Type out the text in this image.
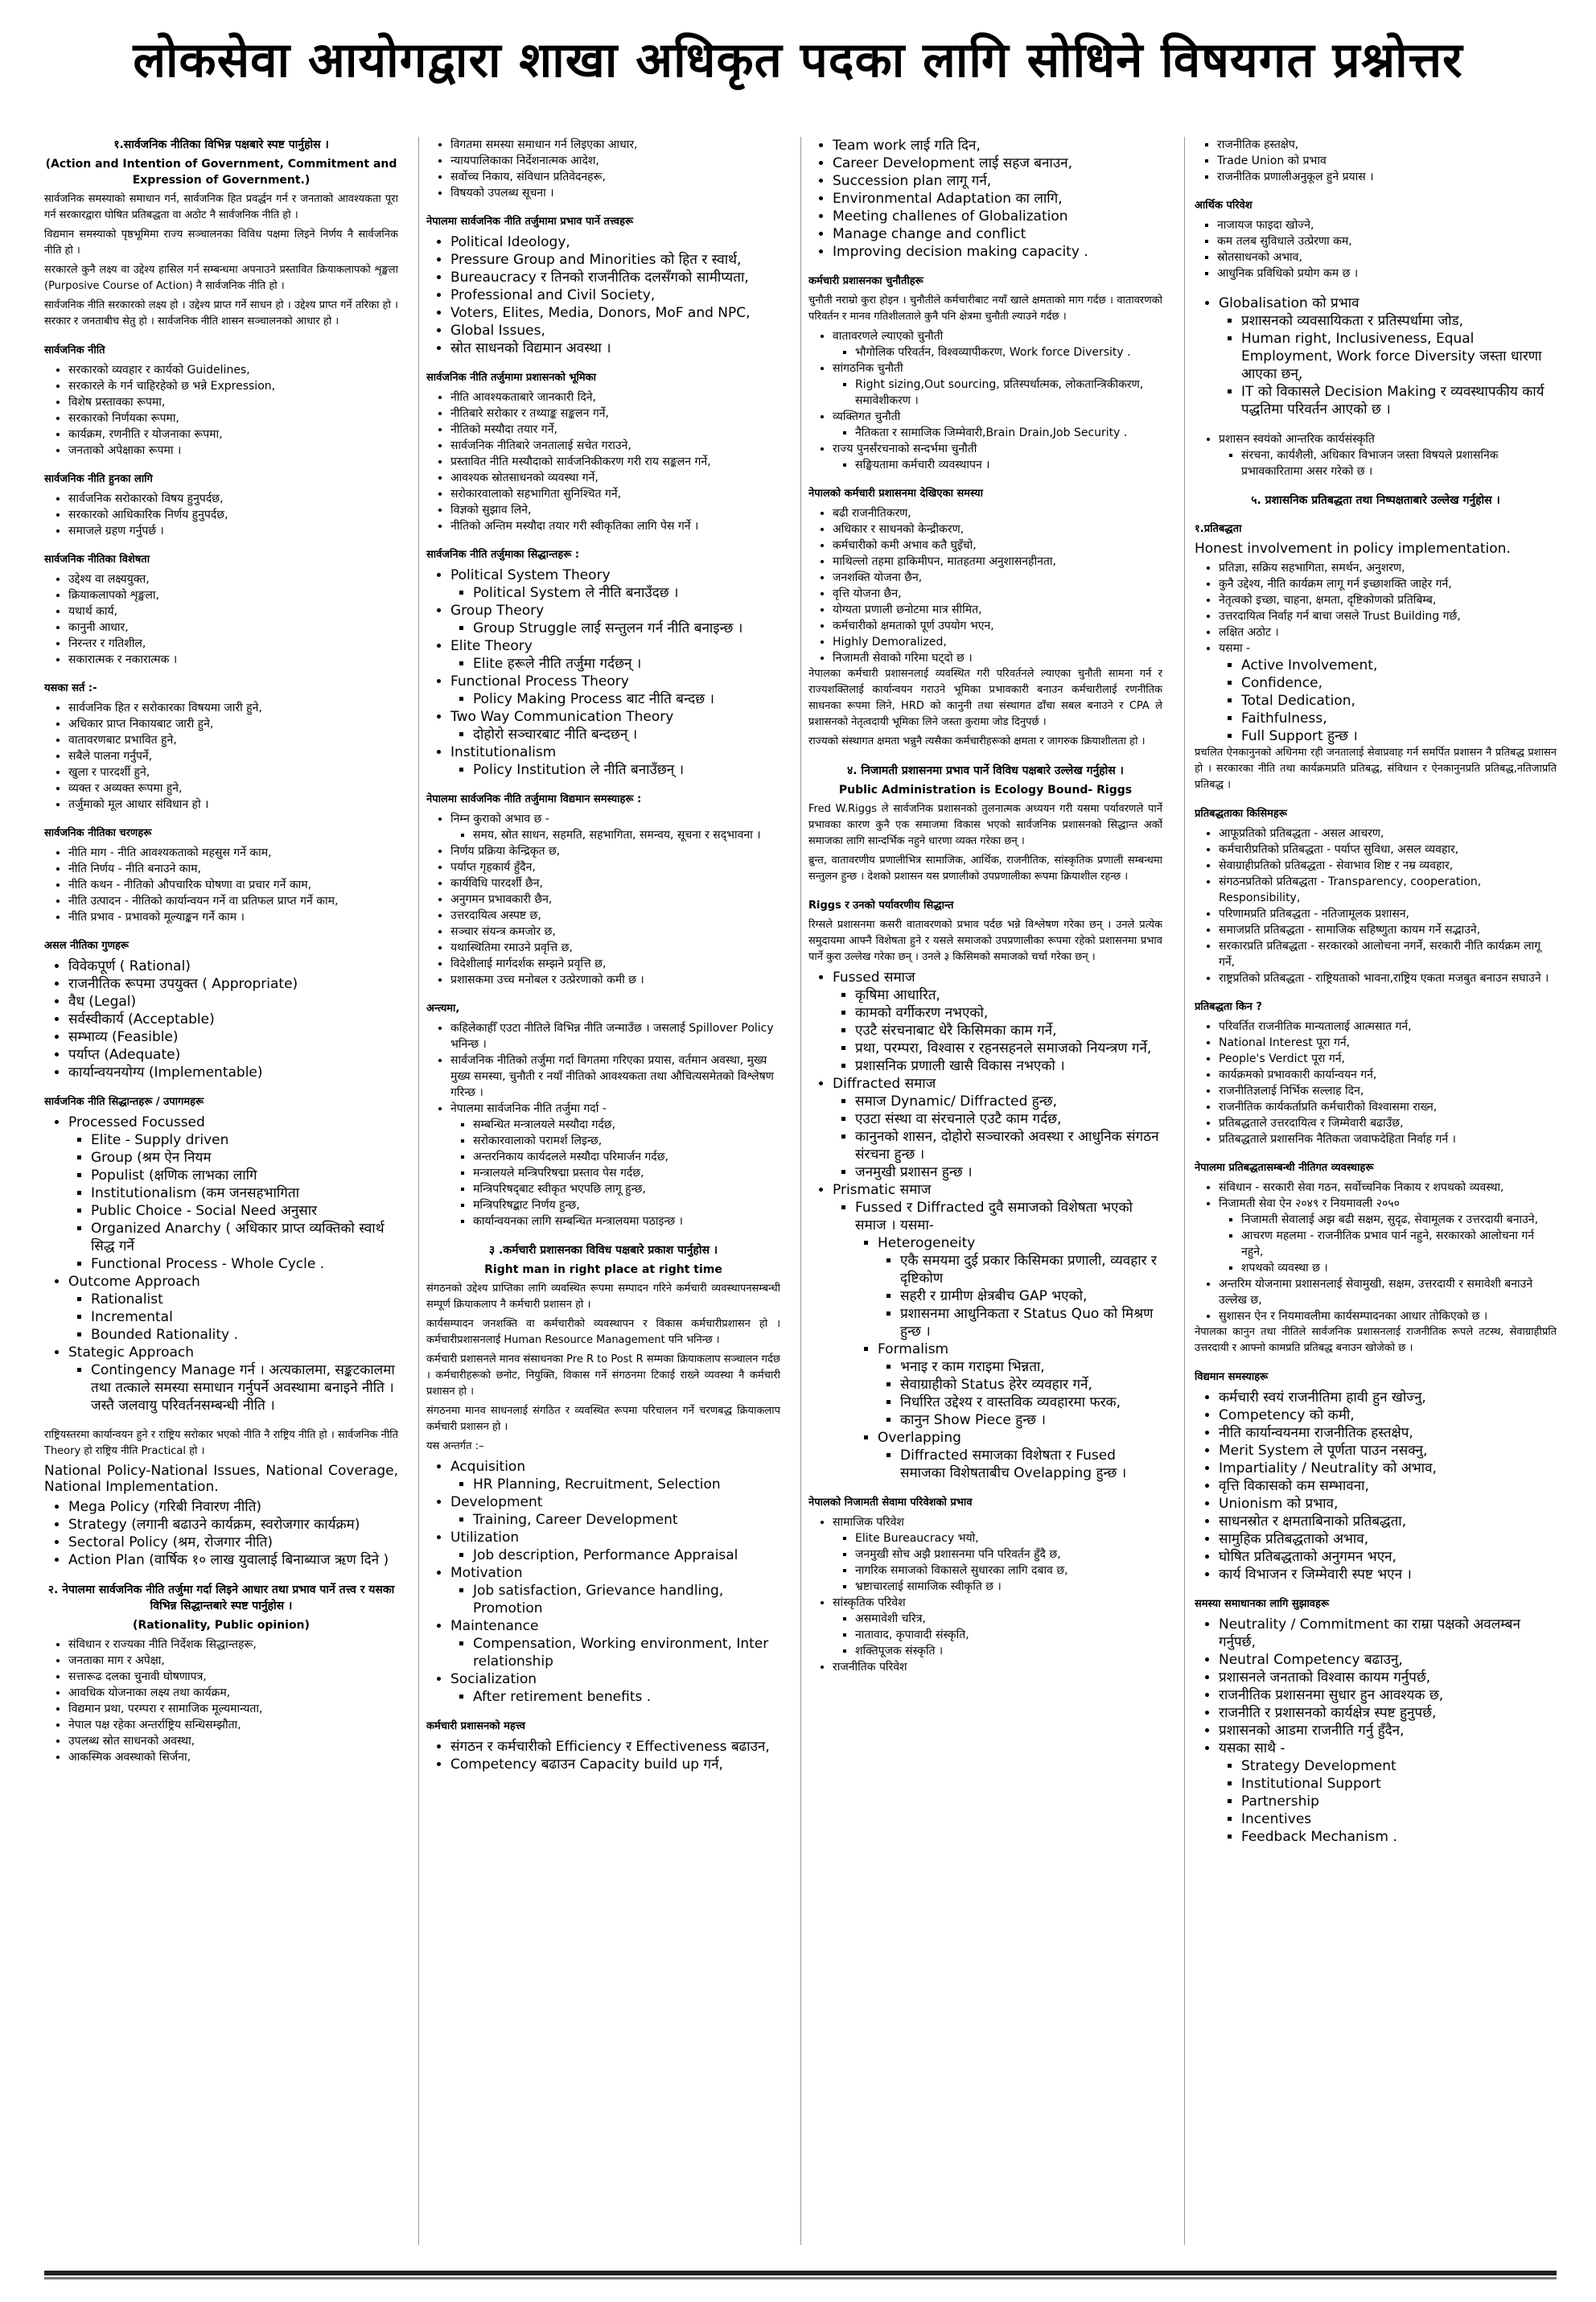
लोकसेवा आयोगद्वारा शाखा अधिकृत पदका लागि सोधिने विषयगत प्रश्नोत्तर
१.सार्वजनिक नीतिका विभिन्न पक्षबारे स्पष्ट पार्नुहोस ।
(Action and Intention of Government, Commitment and Expression of Government.)
सार्वजनिक समस्याको समाधान गर्न, सार्वजनिक हित प्रवर्द्धन गर्न र जनताको आवश्यकता पूरा गर्न सरकारद्वारा घोषित प्रतिबद्धता वा अठोट नै सार्वजनिक नीति हो ।
विद्यमान समस्याको पृष्ठभूमिमा राज्य सञ्चालनका विविध पक्षमा लिइने निर्णय नै सार्वजनिक नीति हो ।
सरकारले कुनै लक्ष्य वा उद्देश्य हासिल गर्न सम्बन्धमा अपनाउने प्रस्तावित क्रियाकलापको शृङ्खला (Purposive Course of Action) नै सार्वजनिक नीति हो ।
सार्वजनिक नीति सरकारको लक्ष्य हो । उद्देश्य प्राप्त गर्ने साधन हो । उद्देश्य प्राप्त गर्ने तरिका हो । सरकार र जनताबीच सेतु हो । सार्वजनिक नीति शासन सञ्चालनको आधार हो ।
सार्वजनिक नीति
• सरकारको व्यवहार र कार्यको Guidelines,
• सरकारले के गर्न चाहिरहेको छ भन्ने Expression,
• विशेष प्रस्तावका रूपमा,
• सरकारको निर्णयका रूपमा,
• कार्यक्रम, रणनीति र योजनाका रूपमा,
• जनताको अपेक्षाका रूपमा ।
सार्वजनिक नीति हुनका लागि
• सार्वजनिक सरोकारको विषय हुनुपर्दछ,
• सरकारको आधिकारिक निर्णय हुनुपर्दछ,
• समाजले ग्रहण गर्नुपर्छ ।
सार्वजनिक नीतिका विशेषता
• उद्देश्य वा लक्ष्ययुक्त,
• क्रियाकलापको शृङ्खला,
• यथार्थ कार्य,
• कानुनी आधार,
• निरन्तर र गतिशील,
• सकारात्मक र नकारात्मक ।
यसका सर्त :-
• सार्वजनिक हित र सरोकारका विषयमा जारी हुने,
• अधिकार प्राप्त निकायबाट जारी हुने,
• वातावरणबाट प्रभावित हुने,
• सबैले पालना गर्नुपर्ने,
• खुला र पारदर्शी हुने,
• व्यक्त र अव्यक्त रूपमा हुने,
• तर्जुमाको मूल आधार संविधान हो ।
सार्वजनिक नीतिका चरणहरू
• नीति माग - नीति आवश्यकताको महसुस गर्ने काम,
• नीति निर्णय - नीति बनाउने काम,
• नीति कथन - नीतिको औपचारिक घोषणा वा प्रचार गर्ने काम,
• नीति उत्पादन - नीतिको कार्यान्वयन गर्ने वा प्रतिफल प्राप्त गर्ने काम,
• नीति प्रभाव - प्रभावको मूल्याङ्कन गर्ने काम ।
असल नीतिका गुणहरू
• विवेकपूर्ण ( Rational)
• राजनीतिक रूपमा उपयुक्त ( Appropriate)
• वैध (Legal)
• सर्वस्वीकार्य (Acceptable)
• सम्भाव्य (Feasible)
• पर्याप्त (Adequate)
• कार्यान्वयनयोग्य (Implementable)
सार्वजनिक नीति सिद्धान्तहरू / उपागमहरू
• Processed Focussed
▪ Elite - Supply driven
▪ Group (श्रम ऐन नियम
▪ Populist (क्षणिक लाभका लागि
▪ Institutionalism (कम जनसहभागिता
▪ Public Choice - Social Need अनुसार
▪ Organized Anarchy ( अधिकार प्राप्त व्यक्तिको स्वार्थ सिद्ध गर्ने
▪ Functional Process - Whole Cycle .
• Outcome Approach
▪ Rationalist
▪ Incremental
▪ Bounded Rationality .
• Stategic Approach
▪ Contingency Manage गर्न । अत्यकालमा, सङ्कटकालमा तथा तत्काले समस्या समाधान गर्नुपर्ने अवस्थामा बनाइने नीति । जस्तै जलवायु परिवर्तनसम्बन्धी नीति ।
राष्ट्रियस्तरमा कार्यान्वयन हुने र राष्ट्रिय सरोकार भएको नीति नै राष्ट्रिय नीति हो । सार्वजनिक नीति Theory हो राष्ट्रिय नीति Practical हो ।
National Policy-National Issues, National Coverage, National Implementation.
• Mega Policy (गरिबी निवारण नीति)
• Strategy (लगानी बढाउने कार्यक्रम, स्वरोजगार कार्यक्रम)
• Sectoral Policy (श्रम, रोजगार नीति)
• Action Plan (वार्षिक १० लाख युवालाई बिनाब्याज ऋण दिने )
२. नेपालमा सार्वजनिक नीति तर्जुमा गर्दा लिइने आधार तथा प्रभाव पार्ने तत्त्व र यसका विभिन्न सिद्धान्तबारे स्पष्ट पार्नुहोस ।
(Rationality, Public opinion)
• संविधान र राज्यका नीति निर्देशक सिद्धान्तहरू,
• जनताका माग र अपेक्षा,
• सत्तारूढ दलका चुनावी घोषणापत्र,
• आवधिक योजनाका लक्ष्य तथा कार्यक्रम,
• विद्यमान प्रथा, परम्परा र सामाजिक मूल्यमान्यता,
• नेपाल पक्ष रहेका अन्तर्राष्ट्रिय सन्धिसम्झौता,
• उपलब्ध स्रोत साधनको अवस्था,
• आकस्मिक अवस्थाको सिर्जना,
• विगतमा समस्या समाधान गर्न लिइएका आधार,
• न्यायपालिकाका निर्देशनात्मक आदेश,
• सर्वोच्च निकाय, संविधान प्रतिवेदनहरू,
• विषयको उपलब्ध सूचना ।
नेपालमा सार्वजनिक नीति तर्जुमामा प्रभाव पार्ने तत्त्वहरू
• Political Ideology,
• Pressure Group and Minorities को हित र स्वार्थ,
• Bureaucracy र तिनको राजनीतिक दलसँगको सामीप्यता,
• Professional and Civil Society,
• Voters, Elites, Media, Donors, MoF and NPC,
• Global Issues,
• स्रोत साधनको विद्यमान अवस्था ।
सार्वजनिक नीति तर्जुमामा प्रशासनको भूमिका
• नीति आवश्यकताबारे जानकारी दिने,
• नीतिबारे सरोकार र तथ्याङ्क सङ्कलन गर्ने,
• नीतिको मस्यौदा तयार गर्ने,
• सार्वजनिक नीतिबारे जनतालाई सचेत गराउने,
• प्रस्तावित नीति मस्यौदाको सार्वजनिकीकरण गरी राय सङ्कलन गर्ने,
• आवश्यक स्रोतसाधनको व्यवस्था गर्ने,
• सरोकारवालाको सहभागिता सुनिश्चित गर्ने,
• विज्ञको सुझाव लिने,
• नीतिको अन्तिम मस्यौदा तयार गरी स्वीकृतिका लागि पेस गर्ने ।
सार्वजनिक नीति तर्जुमाका सिद्धान्तहरू :
• Political System Theory
▪ Political System ले नीति बनाउँदछ ।
• Group Theory
▪ Group Struggle लाई सन्तुलन गर्न नीति बनाइन्छ ।
• Elite Theory
▪ Elite हरूले नीति तर्जुमा गर्दछन् ।
• Functional Process Theory
▪ Policy Making Process बाट नीति बन्दछ ।
• Two Way Communication Theory
▪ दोहोरो सञ्चारबाट नीति बन्दछन् ।
• Institutionalism
▪ Policy Institution ले नीति बनाउँछन् ।
नेपालमा सार्वजनिक नीति तर्जुमामा विद्यमान समस्याहरू :
• निम्न कुराको अभाव छ -
▪ समय, स्रोत साधन, सहमति, सहभागिता, समन्वय, सूचना र सद्‌‌भावना ।
• निर्णय प्रक्रिया केन्द्रिकृत छ,
• पर्याप्त गृहकार्य हुँदैन,
• कार्यविधि पारदर्शी छैन,
• अनुगमन प्रभावकारी छैन,
• उत्तरदायित्व अस्पष्ट छ,
• सञ्चार संयन्त्र कमजोर छ,
• यथास्थितिमा रमाउने प्रवृत्ति छ,
• विदेशीलाई मार्गदर्शक सम्झने प्रवृत्ति छ,
• प्रशासकमा उच्च मनोबल र उत्प्रेरणाको कमी छ ।
अन्त्यमा,
• कहिलेकाहीँ एउटा नीतिले विभिन्न नीति जन्माउँछ । जसलाई Spillover Policy भनिन्छ ।
• सार्वजनिक नीतिको तर्जुमा गर्दा विगतमा गरिएका प्रयास, वर्तमान अवस्था, मुख्य मुख्य समस्या, चुनौती र नयाँ नीतिको आवश्यकता तथा औचित्यसमेतको विश्लेषण गरिन्छ ।
• नेपालमा सार्वजनिक नीति तर्जुमा गर्दा -
▪ सम्बन्धित मन्त्रालयले मस्यौदा गर्दछ,
▪ सरोकारवालाको परामर्श लिइन्छ,
▪ अन्तरनिकाय कार्यदलले मस्यौदा परिमार्जन गर्दछ,
▪ मन्त्रालयले मन्त्रिपरिषद्मा प्रस्ताव पेस गर्दछ,
▪ मन्त्रिपरिषद्‌बाट स्वीकृत भएपछि लागू हुन्छ,
▪ मन्त्रिपरिषद्बाट निर्णय हुन्छ,
▪ कार्यान्वयनका लागि सम्बन्धित मन्त्रालयमा पठाइन्छ ।
३ .कर्मचारी प्रशासनका विविध पक्षबारे प्रकाश पार्नुहोस ।
Right man in right place at right time
संगठनको उद्देश्य प्राप्तिका लागि व्यवस्थित रूपमा सम्पादन गरिने कर्मचारी व्यवस्थापनसम्बन्धी सम्पूर्ण क्रियाकलाप नै कर्मचारी प्रशासन हो ।
कार्यसम्पादन जनशक्ति वा कर्मचारीको व्यवस्थापन र विकास कर्मचारीप्रशासन हो । कर्मचारीप्रशासनलाई Human Resource Management पनि भनिन्छ ।
कर्मचारी प्रशासनले मानव संसाधनका Pre R to Post R सम्मका क्रियाकलाप सञ्चालन गर्दछ । कर्मचारीहरूको छनोट, नियुक्ति, विकास गर्ने संगठनमा टिकाई राख्ने व्यवस्था नै कर्मचारी प्रशासन हो ।
संगठनमा मानव साधनलाई संगठित र व्यवस्थित रूपमा परिचालन गर्ने चरणबद्ध क्रियाकलाप कर्मचारी प्रशासन हो ।
यस अन्तर्गत :–
• Acquisition
▪ HR Planning, Recruitment, Selection
• Development
▪ Training, Career Development
• Utilization
▪ Job description, Performance Appraisal
• Motivation
▪ Job satisfaction, Grievance handling, Promotion
• Maintenance
▪ Compensation, Working environment, Inter relationship
• Socialization
▪ After retirement benefits .
कर्मचारी प्रशासनको महत्त्व
• संगठन र कर्मचारीको Efficiency र Effectiveness बढाउन,
• Competency बढाउन Capacity build up गर्न,
• Team work लाई गति दिन,
• Career Development लाई सहज बनाउन,
• Succession plan लागू गर्न,
• Environmental Adaptation का लागि,
• Meeting challenes of Globalization
• Manage change and conflict
• Improving decision making capacity .
कर्मचारी प्रशासनका चुनौतीहरू
चुनौती नराम्रो कुरा होइन । चुनौतीले कर्मचारीबाट नयाँ खाले क्षमताको माग गर्दछ । वातावरणको परिवर्तन र मानव गतिशीलताले कुनै पनि क्षेत्रमा चुनौती ल्याउने गर्दछ ।
• वातावरणले ल्याएको चुनौती
▪ भौगोलिक परिवर्तन, विश्वव्यापीकरण, Work force Diversity .
• सांगठनिक चुनौती
▪ Right sizing,Out sourcing, प्रतिस्पर्धात्मक, लोकतान्त्रिकीकरण, समावेशीकरण ।
• व्यक्तिगत चुनौती
▪ नैतिकता र सामाजिक जिम्मेवारी,Brain Drain,Job Security .
• राज्य पुनर्संरचनाको सन्दर्भमा चुनौती
▪ सङ्घियतामा कर्मचारी व्यवस्थापन ।
नेपालको कर्मचारी प्रशासनमा देखिएका समस्या
• बढी राजनीतिकरण,
• अधिकार र साधनको केन्द्रीकरण,
• कर्मचारीको कमी अभाव कतै घुइँचो,
• माथिल्लो तहमा हाकिमीपन, मातहतमा अनुशासनहीनता,
• जनशक्ति योजना छैन,
• वृत्ति योजना छैन,
• योग्यता प्रणाली छनोटमा मात्र सीमित,
• कर्मचारीको क्षमताको पूर्ण उपयोग भएन,
• Highly Demoralized,
• निजामती सेवाको गरिमा घट्दो छ ।
नेपालका कर्मचारी प्रशासनलाई व्यवस्थित गरी परिवर्तनले ल्याएका चुनौती सामना गर्न र राज्यशक्तिलाई कार्यान्वयन गराउने भूमिका प्रभावकारी बनाउन कर्मचारीलाई रणनीतिक साधनका रूपमा लिने, HRD को कानुनी तथा संस्थागत ढाँचा सबल बनाउने र CPA ले प्रशासनको नेतृत्वदायी भूमिका लिने जस्ता कुरामा जोड दिनुपर्छ ।
राज्यको संस्थागत क्षमता भन्नुनै त्यसैका कर्मचारीहरूको क्षमता र जागरुक क्रियाशीलता हो ।
४. निजामती प्रशासनमा प्रभाव पार्ने विविध पक्षबारे उल्लेख गर्नुहोस ।
Public Administration is Ecology Bound- Riggs
Fred W.Riggs ले सार्वजनिक प्रशासनको तुलनात्मक अध्ययन गरी यसमा पर्यावरणले पार्ने प्रभावका कारण कुनै एक समाजमा विकास भएको सार्वजनिक प्रशासनको सिद्धान्त अर्को समाजका लागि सान्दर्भिक नहुने धारणा व्यक्त गरेका छन् ।
ब्रुन्त, वातावरणीय प्रणालीभित्र सामाजिक, आर्थिक, राजनीतिक, सांस्कृतिक प्रणाली सम्बन्धमा सन्तुलन हुन्छ । देशको प्रशासन यस प्रणालीको उपप्रणालीका रूपमा क्रियाशील रहन्छ ।
Riggs र उनको पर्यावरणीय सिद्धान्त
रिग्सले प्रशासनमा कसरी वातावरणको प्रभाव पर्दछ भन्ने विश्लेषण गरेका छन् । उनले प्रत्येक समुदायमा आफ्नै विशेषता हुने र यसले समाजको उपप्रणालीका रूपमा रहेको प्रशासनमा प्रभाव पार्ने कुरा उल्लेख गरेका छन् । उनले ३ किसिमको समाजको चर्चा गरेका छन् ।
• Fussed समाज
▪ कृषिमा आधारित,
▪ कामको वर्गीकरण नभएको,
▪ एउटै संरचनाबाट धेरै किसिमका काम गर्ने,
▪ प्रथा, परम्परा, विश्वास र रहनसहनले समाजको नियन्त्रण गर्ने,
▪ प्रशासनिक प्रणाली खासै विकास नभएको ।
• Diffracted समाज
▪ समाज Dynamic/ Diffracted हुन्छ,
▪ एउटा संस्था वा संरचनाले एउटै काम गर्दछ,
▪ कानुनको शासन, दोहोरो सञ्चारको अवस्था र आधुनिक संगठन संरचना हुन्छ ।
▪ जनमुखी प्रशासन हुन्छ ।
• Prismatic समाज
▪ Fussed र Diffracted दुवै समाजको विशेषता भएको समाज । यसमा-
▪ Heterogeneity
▪ एकै समयमा दुई प्रकार किसिमका प्रणाली, व्यवहार र दृष्टिकोण
▪ सहरी र ग्रामीण क्षेत्रबीच GAP भएको,
▪ प्रशासनमा आधुनिकता र Status Quo को मिश्रण हुन्छ ।
▪ Formalism
▪ भनाइ र काम गराइमा भिन्नता,
▪ सेवाग्राहीको Status हेरेर व्यवहार गर्ने,
▪ निर्धारित उद्देश्य र वास्तविक व्यवहारमा फरक,
▪ कानुन Show Piece हुन्छ ।
▪ Overlapping
▪ Diffracted समाजका विशेषता र Fused समाजका विशेषताबीच Ovelapping हुन्छ ।
नेपालको निजामती सेवामा परिवेशको प्रभाव
• सामाजिक परिवेश
▪ Elite Bureaucracy भयो,
▪ जनमुखी सोच अझै प्रशासनमा पनि परिवर्तन हुँदै छ,
▪ नागरिक समाजको विकासले सुधारका लागि दबाव छ,
▪ भ्रष्टाचारलाई सामाजिक स्वीकृति छ ।
• सांस्कृतिक परिवेश
▪ असमावेशी चरित्र,
▪ नातावाद, कृपावादी संस्कृति,
▪ शक्तिपूजक संस्कृति ।
• राजनीतिक परिवेश
▪ राजनीतिक हस्तक्षेप,
▪ Trade Union को प्रभाव
▪ राजनीतिक प्रणालीअनुकूल हुने प्रयास ।
आर्थिक परिवेश
▪ नाजायज फाइदा खोज्ने,
▪ कम तलब सुविधाले उत्प्रेरणा कम,
▪ स्रोतसाधनको अभाव,
▪ आधुनिक प्रविधिको प्रयोग कम छ ।
• Globalisation को प्रभाव
▪ प्रशासनको व्यवसायिकता र प्रतिस्पर्धामा जोड,
▪ Human right, Inclusiveness, Equal Employment, Work force Diversity जस्ता धारणा आएका छन्,
▪ IT को विकासले Decision Making र व्यवस्थापकीय कार्य पद्धतिमा परिवर्तन आएको छ ।
• प्रशासन स्वयंको आन्तरिक कार्यसंस्कृति
▪ संरचना, कार्यशैली, अधिकार विभाजन जस्ता विषयले प्रशासनिक प्रभावकारितामा असर गरेको छ ।
५. प्रशासनिक प्रतिबद्धता तथा निष्पक्षताबारे उल्लेख गर्नुहोस ।
१.प्रतिबद्धता
Honest involvement in policy implementation.
• प्रतिज्ञा, सक्रिय सहभागिता, समर्थन, अनुशरण,
• कुनै उद्देश्य, नीति कार्यक्रम लागू गर्न इच्छाशक्ति जाहेर गर्न,
• नेतृत्वको इच्छा, चाहना, क्षमता, दृष्टिकोणको प्रतिबिम्ब,
• उत्तरदायित्व निर्वाह गर्न बाचा जसले Trust Building गर्छ,
• लक्षित अठोट ।
• यसमा -
▪ Active Involvement,
▪ Confidence,
▪ Total Dedication,
▪ Faithfulness,
▪ Full Support हुन्छ ।
प्रचलित ऐनकानुनको अधिनमा रही जनतालाई सेवाप्रवाह गर्न समर्पित प्रशासन नै प्रतिबद्ध प्रशासन हो । सरकारका नीति तथा कार्यक्रमप्रति प्रतिबद्ध, संविधान र ऐनकानुनप्रति प्रतिबद्ध,नतिजाप्रति प्रतिबद्ध ।
प्रतिबद्धताका किसिमहरू
• आफूप्रतिको प्रतिबद्धता - असल आचरण,
• कर्मचारीप्रतिको प्रतिबद्धता - पर्याप्त सुविधा, असल व्यवहार,
• सेवाग्राहीप्रतिको प्रतिबद्धता - सेवाभाव शिष्ट र नम्र व्यवहार,
• संगठनप्रतिको प्रतिबद्धता - Transparency, cooperation, Responsibility,
• परिणामप्रति प्रतिबद्धता - नतिजामूलक प्रशासन,
• समाजप्रति प्रतिबद्धता - सामाजिक सहिष्णुता कायम गर्ने सद्भाउने,
• सरकारप्रति प्रतिबद्धता - सरकारको आलोचना नगर्ने, सरकारी नीति कार्यक्रम लागू गर्ने,
• राष्ट्रप्रतिको प्रतिबद्धता - राष्ट्रियताको भावना,राष्ट्रिय एकता मजबुत बनाउन सघाउने ।
प्रतिबद्धता किन ?
• परिवर्तित राजनीतिक मान्यतालाई आत्मसात गर्न,
• National Interest पूरा गर्न,
• People's Verdict पूरा गर्न,
• कार्यक्रमको प्रभावकारी कार्यान्वयन गर्न,
• राजनीतिज्ञलाई निर्भिक सल्लाह दिन,
• राजनीतिक कार्यकर्ताप्रति कर्मचारीको विश्वासमा राख्न,
• प्रतिबद्धताले उत्तरदायित्व र जिम्मेवारी बढाउँछ,
• प्रतिबद्धताले प्रशासनिक नैतिकता जवाफदेहिता निर्वाह गर्न ।
नेपालमा प्रतिबद्धतासम्बन्धी नीतिगत व्यवस्थाहरू
• संविधान - सरकारी सेवा गठन, सर्वोच्चनिक निकाय र शपथको व्यवस्था,
• निजामती सेवा ऐन २०४९ र नियमावली २०५०
▪ निजामती सेवालाई अझ बढी सक्षम, सुदृढ, सेवामूलक र उत्तरदायी बनाउने,
▪ आचरण महलमा - राजनीतिक प्रभाव पार्न नहुने, सरकारको आलोचना गर्न नहुने,
▪ शपथको व्यवस्था छ ।
• अन्तरिम योजनामा प्रशासनलाई सेवामुखी, सक्षम, उत्तरदायी र समावेशी बनाउने उल्लेख छ,
• सुशासन ऐन र नियमावलीमा कार्यसम्पादनका आधार तोकिएको छ ।
नेपालका कानुन तथा नीतिले सार्वजनिक प्रशासनलाई राजनीतिक रूपले तटस्थ, सेवाग्राहीप्रति उत्तरदायी र आफ्नो कामप्रति प्रतिबद्ध बनाउन खोजेको छ ।
विद्यमान समस्याहरू
• कर्मचारी स्वयं राजनीतिमा हावी हुन खोज्नु,
• Competency को कमी,
• नीति कार्यान्वयनमा राजनीतिक हस्तक्षेप,
• Merit System ले पूर्णता पाउन नसक्नु,
• Impartiality / Neutrality को अभाव,
• वृत्ति विकासको कम सम्भावना,
• Unionism को प्रभाव,
• साधनस्रोत र क्षमताबिनाको प्रतिबद्धता,
• सामुहिक प्रतिबद्धताको अभाव,
• घोषित प्रतिबद्धताको अनुगमन भएन,
• कार्य विभाजन र जिम्मेवारी स्पष्ट भएन ।
समस्या समाधानका लागि सुझावहरू
• Neutrality / Commitment का राम्रा पक्षको अवलम्बन गर्नुपर्छ,
• Neutral Competency बढाउनु,
• प्रशासनले जनताको विश्वास कायम गर्नुपर्छ,
• राजनीतिक प्रशासनमा सुधार हुन आवश्यक छ,
• राजनीति र प्रशासनको कार्यक्षेत्र स्पष्ट हुनुपर्छ,
• प्रशासनको आडमा राजनीति गर्नु हुँदैन,
• यसका साथै -
▪ Strategy Development
▪ Institutional Support
▪ Partnership
▪ Incentives
▪ Feedback Mechanism .
